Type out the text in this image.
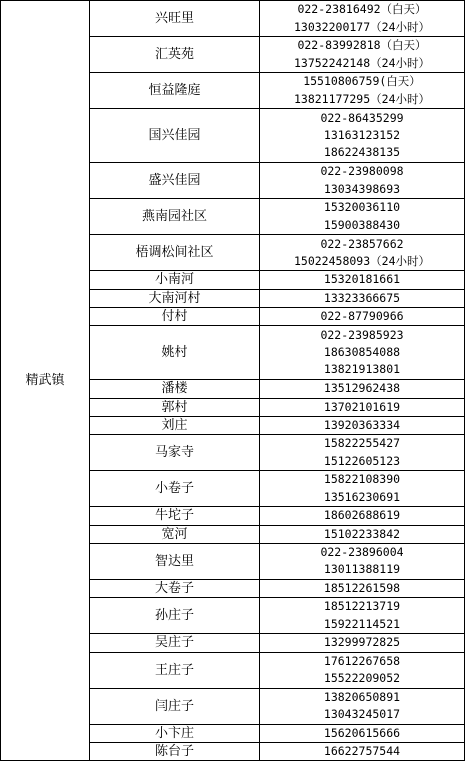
精武镇	兴旺里	022-23816492（白天）
13032200177（24小时）

	汇英苑	022-83992818（白天）
13752242148（24小时）

	恒益隆庭	15510806759(白天）
13821177295（24小时）

	国兴佳园	022-86435299
13163123152
18622438135

	盛兴佳园	022-23980098
13034398693

	燕南园社区	15320036110
15900388430

	梧调松间社区	022-23857662
15022458093（24小时）

	小南河	15320181661

	大南河村	13323366675

	付村	022-87790966

	姚村	022-23985923
18630854088
13821913801

	潘楼	13512962438

	郭村	13702101619

	刘庄	13920363334

	马家寺	15822255427
15122605123

	小卷子	15822108390
13516230691

	牛坨子	18602688619

	宽河	15102233842

	智达里	022-23896004
13011388119

	大卷子	18512261598

	孙庄子	18512213719
15922114521

	吴庄子	13299972825

	王庄子	17612267658
15522209052

	闫庄子	13820650891
13043245017

	小卞庄	15620615666

	陈台子	16622757544
